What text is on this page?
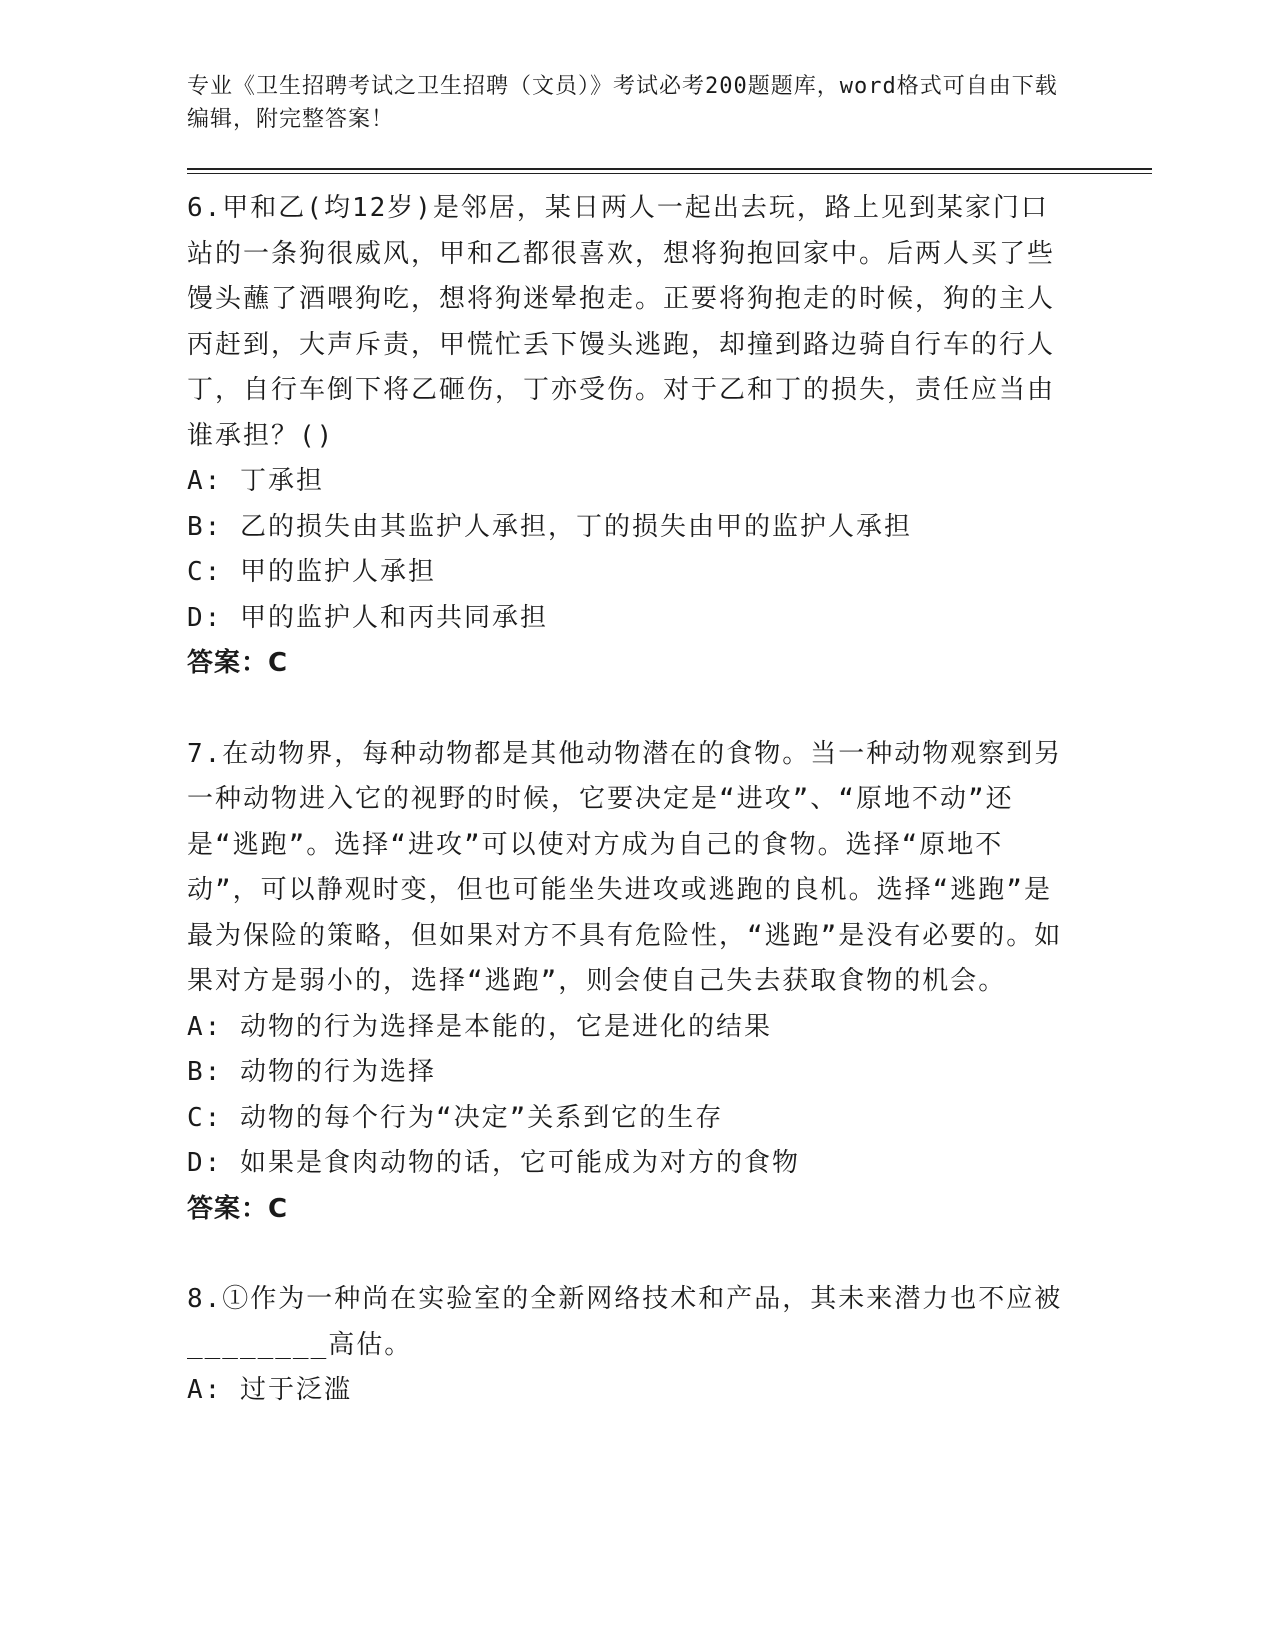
专业《卫生招聘考试之卫生招聘（文员）》考试必考200题题库，word格式可自由下载编辑，附完整答案！

6.甲和乙(均12岁)是邻居，某日两人一起出去玩，路上见到某家门口站的一条狗很威风，甲和乙都很喜欢，想将狗抱回家中。后两人买了些馒头蘸了酒喂狗吃，想将狗迷晕抱走。正要将狗抱走的时候，狗的主人丙赶到，大声斥责，甲慌忙丢下馒头逃跑，却撞到路边骑自行车的行人丁，自行车倒下将乙砸伤，丁亦受伤。对于乙和丁的损失，责任应当由谁承担？()

A: 丁承担

B: 乙的损失由其监护人承担，丁的损失由甲的监护人承担

C: 甲的监护人承担

D: 甲的监护人和丙共同承担

答案：C

7.在动物界，每种动物都是其他动物潜在的食物。当一种动物观察到另一种动物进入它的视野的时候，它要决定是“进攻”、“原地不动”还是“逃跑”。选择“进攻”可以使对方成为自己的食物。选择“原地不动”，可以静观时变，但也可能坐失进攻或逃跑的良机。选择“逃跑”是最为保险的策略，但如果对方不具有危险性，“逃跑”是没有必要的。如果对方是弱小的，选择“逃跑”，则会使自己失去获取食物的机会。

A: 动物的行为选择是本能的，它是进化的结果

B: 动物的行为选择

C: 动物的每个行为“决定”关系到它的生存

D: 如果是食肉动物的话，它可能成为对方的食物

答案：C

8.①作为一种尚在实验室的全新网络技术和产品，其未来潜力也不应被________高估。

A: 过于泛滥
